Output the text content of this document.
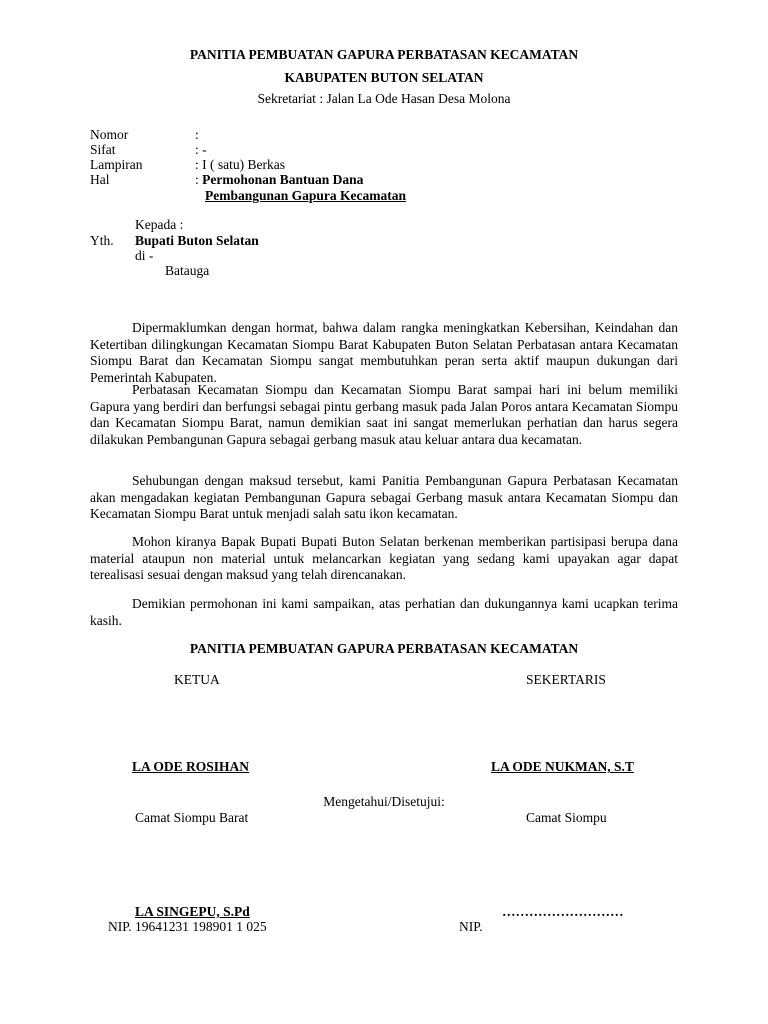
PANITIA PEMBUATAN GAPURA PERBATASAN KECAMATAN
KABUPATEN BUTON SELATAN
Sekretariat : Jalan La Ode Hasan Desa Molona
Nomor	:
Sifat	: -
Lampiran	: I ( satu) Berkas
Hal	: Permohonan Bantuan Dana
Pembangunan Gapura Kecamatan
Kepada :
Yth. Bupati Buton Selatan
di -
Batauga

Dipermaklumkan dengan hormat, bahwa dalam rangka meningkatkan Kebersihan, Keindahan dan Ketertiban dilingkungan Kecamatan Siompu Barat Kabupaten Buton Selatan Perbatasan antara Kecamatan Siompu Barat dan Kecamatan Siompu sangat membutuhkan peran serta aktif maupun dukungan dari Pemerintah Kabupaten.

Perbatasan Kecamatan Siompu dan Kecamatan Siompu Barat sampai hari ini belum memiliki Gapura yang berdiri dan berfungsi sebagai pintu gerbang masuk pada Jalan Poros antara Kecamatan Siompu dan Kecamatan Siompu Barat, namun demikian saat ini sangat memerlukan perhatian dan harus segera dilakukan Pembangunan Gapura sebagai gerbang masuk atau keluar antara dua kecamatan.

Sehubungan dengan maksud tersebut, kami Panitia Pembangunan Gapura Perbatasan Kecamatan akan mengadakan kegiatan Pembangunan Gapura sebagai Gerbang masuk antara Kecamatan Siompu dan Kecamatan Siompu Barat untuk menjadi salah satu ikon kecamatan.

Mohon kiranya Bapak Bupati Bupati Buton Selatan berkenan memberikan partisipasi berupa dana material ataupun non material untuk melancarkan kegiatan yang sedang kami upayakan agar dapat terealisasi sesuai dengan maksud yang telah direncanakan.

Demikian permohonan ini kami sampaikan, atas perhatian dan dukungannya kami ucapkan terima kasih.

PANITIA PEMBUATAN GAPURA PERBATASAN KECAMATAN
KETUA	SEKERTARIS
LA ODE ROSIHAN	LA ODE NUKMAN, S.T
Mengetahui/Disetujui:
Camat Siompu Barat	Camat Siompu
LA SINGEPU, S.Pd	………………………
NIP. 19641231 198901 1 025	NIP.
